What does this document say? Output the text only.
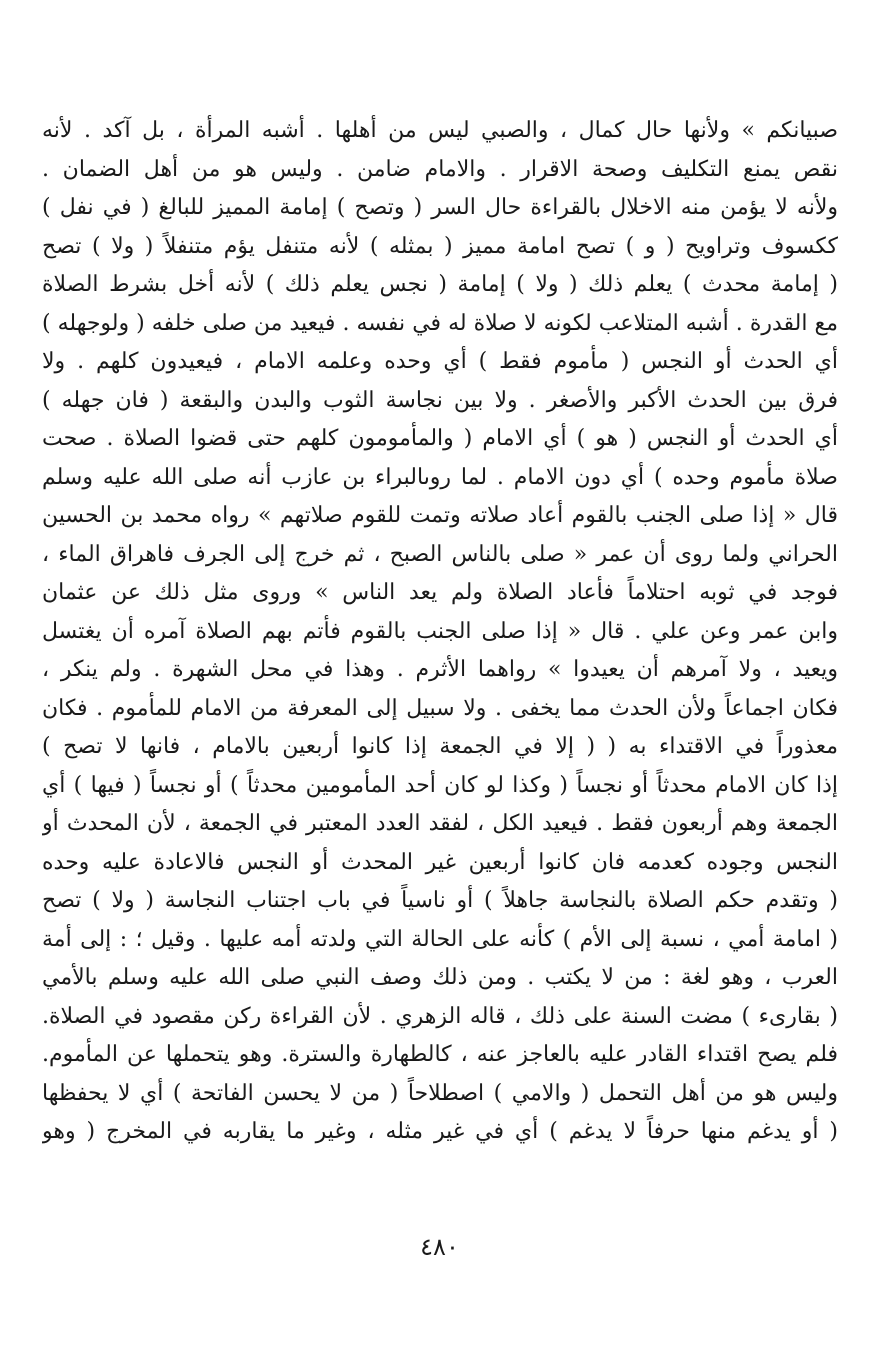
صبيانكم » ولأنها حال كمال ، والصبي ليس من أهلها . أشبه المرأة ، بل آكد . لأنه
نقص يمنع التكليف وصحة الاقرار . والامام ضامن . وليس هو من أهل الضمان .
ولأنه لا يؤمن منه الاخلال بالقراءة حال السر ( وتصح ) إمامة المميز للبالغ ( في نفل )
ككسوف وتراويح ( و ) تصح امامة مميز ( بمثله ) لأنه متنفل يؤم متنفلاً ( ولا ) تصح
( إمامة محدث ) يعلم ذلك ( ولا ) إمامة ( نجس يعلم ذلك ) لأنه أخل بشرط الصلاة
مع القدرة . أشبه المتلاعب لكونه لا صلاة له في نفسه . فيعيد من صلى خلفه ( ولوجهله )
أي الحدث أو النجس ( مأموم فقط ) أي وحده وعلمه الامام ، فيعيدون كلهم . ولا
فرق بين الحدث الأكبر والأصغر . ولا بين نجاسة الثوب والبدن والبقعة ( فان جهله )
أي الحدث أو النجس ( هو ) أي الامام ( والمأمومون كلهم حتى قضوا الصلاة . صحت
صلاة مأموم وحده ) أي دون الامام . لما روىالبراء بن عازب أنه صلى الله عليه وسلم
قال « إذا صلى الجنب بالقوم أعاد صلاته وتمت للقوم صلاتهم » رواه محمد بن الحسين
الحراني ولما روى أن عمر « صلى بالناس الصبح ، ثم خرج إلى الجرف فاهراق الماء ،
فوجد في ثوبه احتلاماً فأعاد الصلاة ولم يعد الناس » وروى مثل ذلك عن عثمان
وابن عمر وعن علي . قال « إذا صلى الجنب بالقوم فأتم بهم الصلاة آمره أن يغتسل
ويعيد ، ولا آمرهم أن يعيدوا » رواهما الأثرم . وهذا في محل الشهرة . ولم ينكر ،
فكان اجماعاً ولأن الحدث مما يخفى . ولا سبيل إلى المعرفة من الامام للمأموم . فكان
معذوراً في الاقتداء به ( ( إلا في الجمعة إذا كانوا أربعين بالامام ، فانها لا تصح )
إذا كان الامام محدثاً أو نجساً ( وكذا لو كان أحد المأمومين محدثاً ) أو نجساً ( فيها ) أي
الجمعة وهم أربعون فقط . فيعيد الكل ، لفقد العدد المعتبر في الجمعة ، لأن المحدث أو
النجس وجوده كعدمه فان كانوا أربعين غير المحدث أو النجس فالاعادة عليه وحده
( وتقدم حكم الصلاة بالنجاسة جاهلاً ) أو ناسياً في باب اجتناب النجاسة ( ولا ) تصح
( امامة أمي ، نسبة إلى الأم ) كأنه على الحالة التي ولدته أمه عليها . وقيل ؛ : إلى أمة
العرب ، وهو لغة : من لا يكتب . ومن ذلك وصف النبي صلى الله عليه وسلم بالأمي
( بقارىء ) مضت السنة على ذلك ، قاله الزهري . لأن القراءة ركن مقصود في الصلاة.
فلم يصح اقتداء القادر عليه بالعاجز عنه ، كالطهارة والسترة. وهو يتحملها عن المأموم.
وليس هو من أهل التحمل ( والامي ) اصطلاحاً ( من لا يحسن الفاتحة ) أي لا يحفظها
( أو يدغم منها حرفاً لا يدغم ) أي في غير مثله ، وغير ما يقاربه في المخرج ( وهو
٤٨٠
